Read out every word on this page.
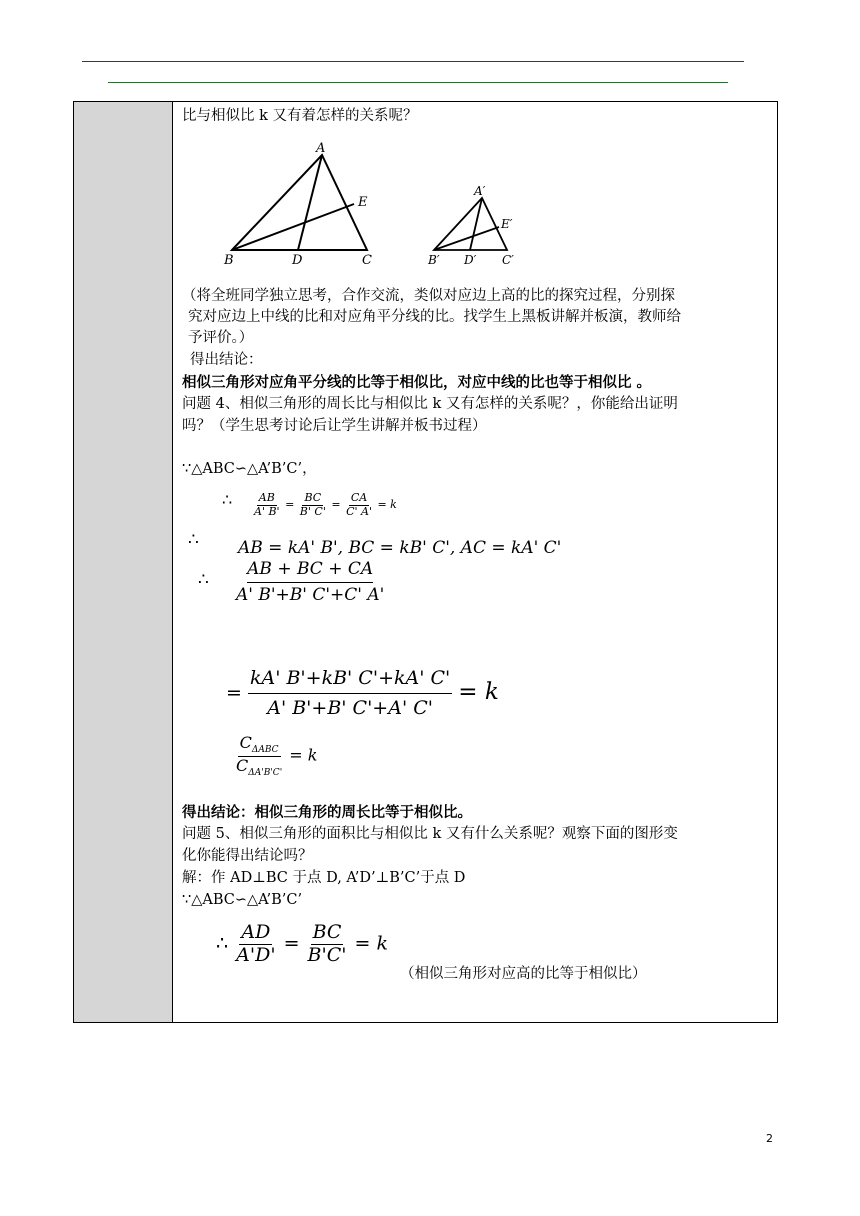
比与相似比 k 又有着怎样的关系呢？
A
B	C
D
E
A′
B′	C′
D′
E′
（将全班同学独立思考，合作交流，类似对应边上高的比的探究过程，分别探
究对应边上中线的比和对应角平分线的比。找学生上黑板讲解并板演，教师给
予评价。）
得出结论：
相似三角形对应角平分线的比等于相似比，对应中线的比也等于相似比 。
问题 4、相似三角形的周长比与相似比 k 又有怎样的关系呢？，你能给出证明
吗？（学生思考讨论后让学生讲解并板书过程）
∵△ABC∽△A’B’C’，
∴ $\frac{AB}{A' B'} = \frac{BC}{B' C'} = \frac{CA}{C' A'} = k$
∴ AB = kA' B', BC = kB' C', AC = kA' C'
∴ $\frac{AB + BC + CA}{A' B'+B' C'+C' A'}$
= $\frac{kA' B'+kB' C'+kA' C'}{A' B'+B' C'+A' C'} = k$
$\frac{C_{\Delta ABC}}{C_{\Delta A'B'C'}} = k$
得出结论：相似三角形的周长比等于相似比。
问题 5、相似三角形的面积比与相似比 k 又有什么关系呢？观察下面的图形变
化你能得出结论吗？
解：作 AD⊥BC 于点 D, A’D’⊥B’C’于点 D
∵△ABC∽△A’B’C’
∴ $\frac{AD}{A'D'} = \frac{BC}{B'C'} = k$
（相似三角形对应高的比等于相似比）
2
